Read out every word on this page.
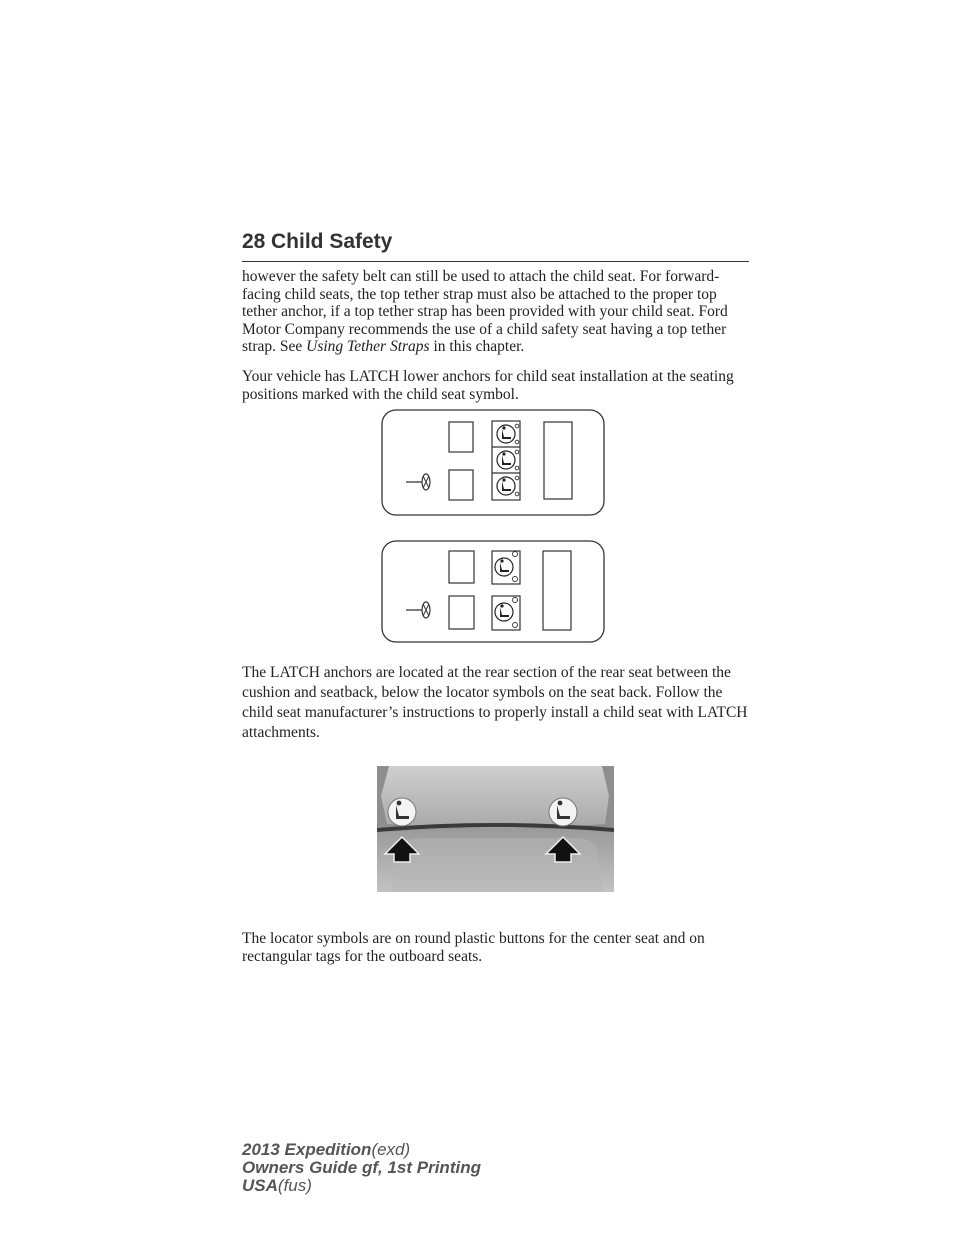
28 Child Safety

however the safety belt can still be used to attach the child seat. For forward-facing child seats, the top tether strap must also be attached to the proper top tether anchor, if a top tether strap has been provided with your child seat. Ford Motor Company recommends the use of a child safety seat having a top tether strap. See Using Tether Straps in this chapter.

Your vehicle has LATCH lower anchors for child seat installation at the seating positions marked with the child seat symbol.

The LATCH anchors are located at the rear section of the rear seat between the cushion and seatback, below the locator symbols on the seat back. Follow the child seat manufacturer’s instructions to properly install a child seat with LATCH attachments.

The locator symbols are on round plastic buttons for the center seat and on rectangular tags for the outboard seats.

2013 Expedition(exd)
Owners Guide gf, 1st Printing
USA(fus)
